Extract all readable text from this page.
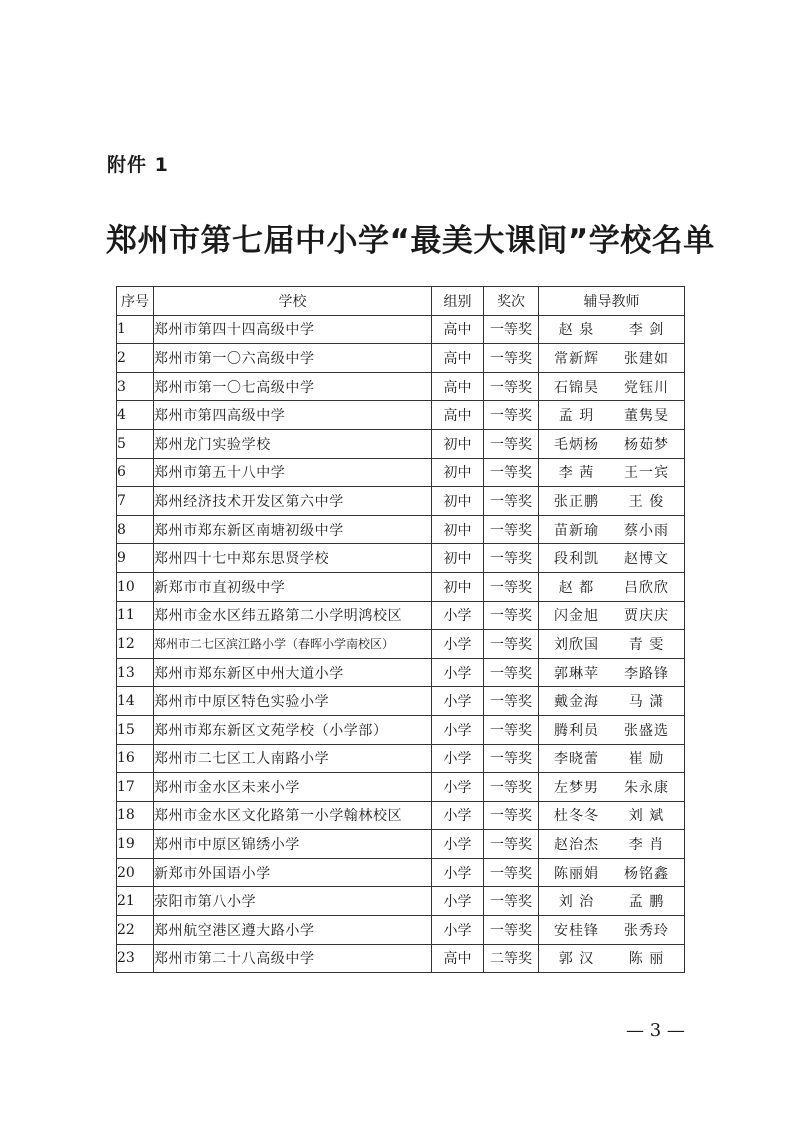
附件 1
郑州市第七届中小学“最美大课间”学校名单
序号	学校	组别	奖次	辅导教师
1	郑州市第四十四高级中学	高中	一等奖	赵 泉 李 剑
2	郑州市第一〇六高级中学	高中	一等奖	常新辉 张建如
3	郑州市第一〇七高级中学	高中	一等奖	石锦昊 党钰川
4	郑州市第四高级中学	高中	一等奖	孟 玥 董隽旻
5	郑州龙门实验学校	初中	一等奖	毛炳杨 杨茹梦
6	郑州市第五十八中学	初中	一等奖	李 茜 王一宾
7	郑州经济技术开发区第六中学	初中	一等奖	张正鹏 王 俊
8	郑州市郑东新区南塘初级中学	初中	一等奖	苗新瑜 蔡小雨
9	郑州四十七中郑东思贤学校	初中	一等奖	段利凯 赵博文
10	新郑市市直初级中学	初中	一等奖	赵 都 吕欣欣
11	郑州市金水区纬五路第二小学明鸿校区	小学	一等奖	闪金旭 贾庆庆
12	郑州市二七区滨江路小学（春晖小学南校区）	小学	一等奖	刘欣国 青 雯
13	郑州市郑东新区中州大道小学	小学	一等奖	郭琳苹 李路锋
14	郑州市中原区特色实验小学	小学	一等奖	戴金海 马 潇
15	郑州市郑东新区文苑学校（小学部）	小学	一等奖	腾利员 张盛选
16	郑州市二七区工人南路小学	小学	一等奖	李晓蕾 崔 励
17	郑州市金水区未来小学	小学	一等奖	左梦男 朱永康
18	郑州市金水区文化路第一小学翰林校区	小学	一等奖	杜冬冬 刘 斌
19	郑州市中原区锦绣小学	小学	一等奖	赵治杰 李 肖
20	新郑市外国语小学	小学	一等奖	陈丽娟 杨铭鑫
21	荥阳市第八小学	小学	一等奖	刘 治 孟 鹏
22	郑州航空港区遵大路小学	小学	一等奖	安桂锋 张秀玲
23	郑州市第二十八高级中学	高中	二等奖	郭 汉 陈 丽
— 3 —
